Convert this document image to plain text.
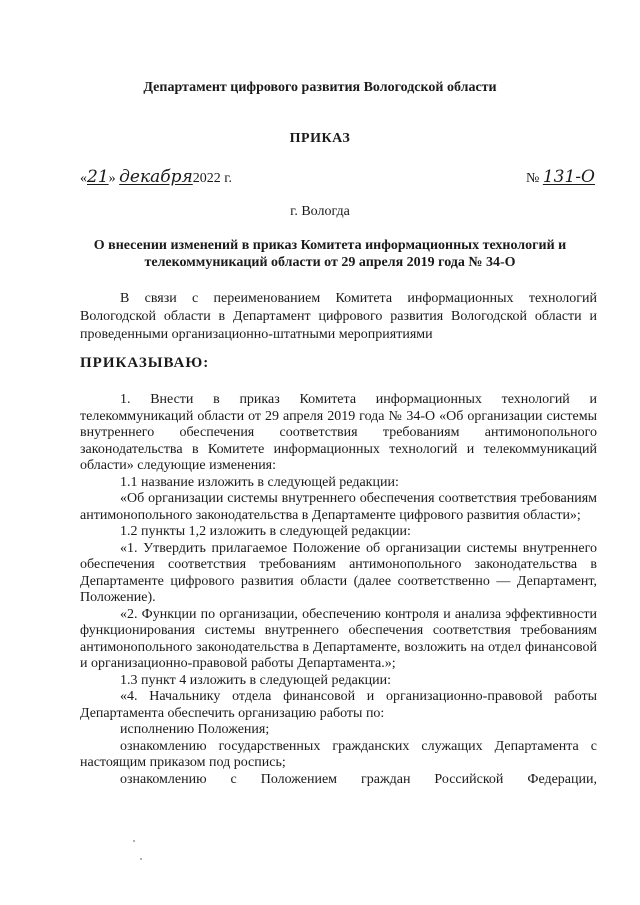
Департамент цифрового развития Вологодской области
ПРИКАЗ
«21» декабря2022 г.	№ 131-О
г. Вологда
О внесении изменений в приказ Комитета информационных технологий и
телекоммуникаций области от 29 апреля 2019 года № 34-О

В связи с переименованием Комитета информационных технологий Вологодской области в Департамент цифрового развития Вологодской области и проведенными организационно-штатными мероприятиями

ПРИКАЗЫВАЮ:

1. Внести в приказ Комитета информационных технологий и телекоммуникаций области от 29 апреля 2019 года № 34-О «Об организации системы внутреннего обеспечения соответствия требованиям антимонопольного законодательства в Комитете информационных технологий и телекоммуникаций области» следующие изменения:

1.1 название изложить в следующей редакции:

«Об организации системы внутреннего обеспечения соответствия требованиям антимонопольного законодательства в Департаменте цифрового развития области»;

1.2 пункты 1,2 изложить в следующей редакции:

«1. Утвердить прилагаемое Положение об организации системы внутреннего обеспечения соответствия требованиям антимонопольного законодательства в Департаменте цифрового развития области (далее соответственно — Департамент, Положение).

«2. Функции по организации, обеспечению контроля и анализа эффективности функционирования системы внутреннего обеспечения соответствия требованиям антимонопольного законодательства в Департаменте, возложить на отдел финансовой и организационно-правовой работы Департамента.»;

1.3 пункт 4 изложить в следующей редакции:

«4. Начальнику отдела финансовой и организационно-правовой работы Департамента обеспечить организацию работы по:

исполнению Положения;

ознакомлению государственных гражданских служащих Департамента с настоящим приказом под роспись;

ознакомлению с Положением граждан Российской Федерации,
